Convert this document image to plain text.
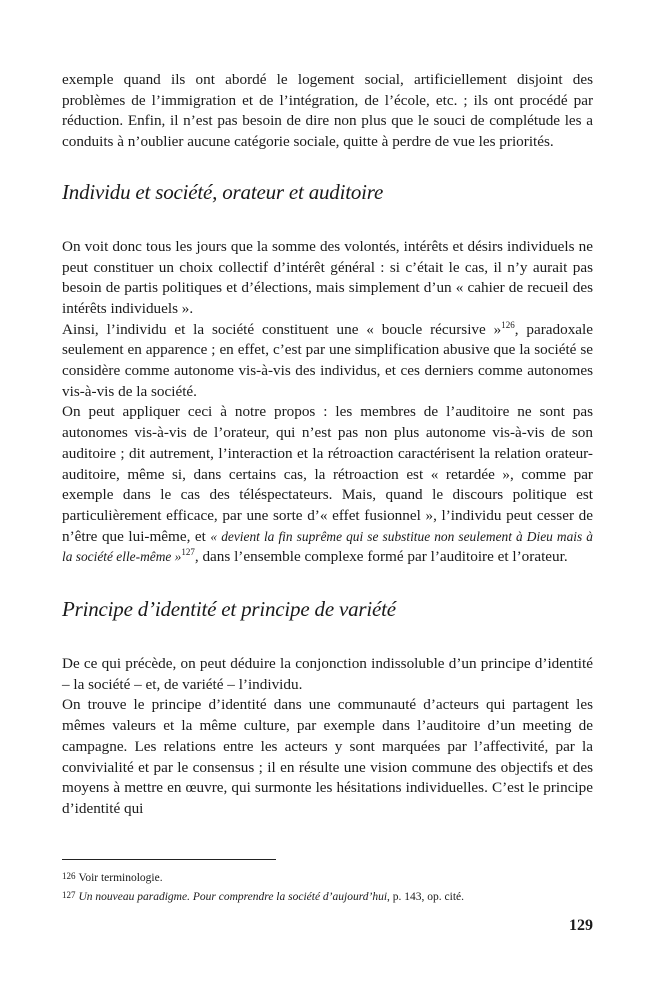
exemple quand ils ont abordé le logement social, artificiellement disjoint des problèmes de l’immigration et de l’intégration, de l’école, etc. ; ils ont procédé par réduction. Enfin, il n’est pas besoin de dire non plus que le souci de complétude les a conduits à n’oublier aucune catégorie sociale, quitte à perdre de vue les priorités.

Individu et société, orateur et auditoire

On voit donc tous les jours que la somme des volontés, intérêts et désirs individuels ne peut constituer un choix collectif d’intérêt général : si c’était le cas, il n’y aurait pas besoin de partis politiques et d’élections, mais simplement d’un « cahier de recueil des intérêts individuels ».

Ainsi, l’individu et la société constituent une « boucle récursive »$^{126}$, paradoxale seulement en apparence ; en effet, c’est par une simplification abusive que la société se considère comme autonome vis-à-vis des individus, et ces derniers comme autonomes vis-à-vis de la société.

On peut appliquer ceci à notre propos : les membres de l’auditoire ne sont pas autonomes vis-à-vis de l’orateur, qui n’est pas non plus autonome vis-à-vis de son auditoire ; dit autrement, l’interaction et la rétroaction caractérisent la relation orateur-auditoire, même si, dans certains cas, la rétroaction est « retardée », comme par exemple dans le cas des téléspectateurs. Mais, quand le discours politique est particulièrement efficace, par une sorte d’« effet fusionnel », l’individu peut cesser de n’être que lui-même, et « devient la fin suprême qui se substitue non seulement à Dieu mais à la société elle-même »$^{127}$, dans l’ensemble complexe formé par l’auditoire et l’orateur.

Principe d’identité et principe de variété

De ce qui précède, on peut déduire la conjonction indissoluble d’un principe d’identité – la société – et, de variété – l’individu.

On trouve le principe d’identité dans une communauté d’acteurs qui partagent les mêmes valeurs et la même culture, par exemple dans l’auditoire d’un meeting de campagne. Les relations entre les acteurs y sont marquées par l’affectivité, par la convivialité et par le consensus ; il en résulte une vision commune des objectifs et des moyens à mettre en œuvre, qui surmonte les hésitations individuelles. C’est le principe d’identité qui

126 Voir terminologie.

127 Un nouveau paradigme. Pour comprendre la société d’aujourd’hui, p. 143, op. cité.

129
